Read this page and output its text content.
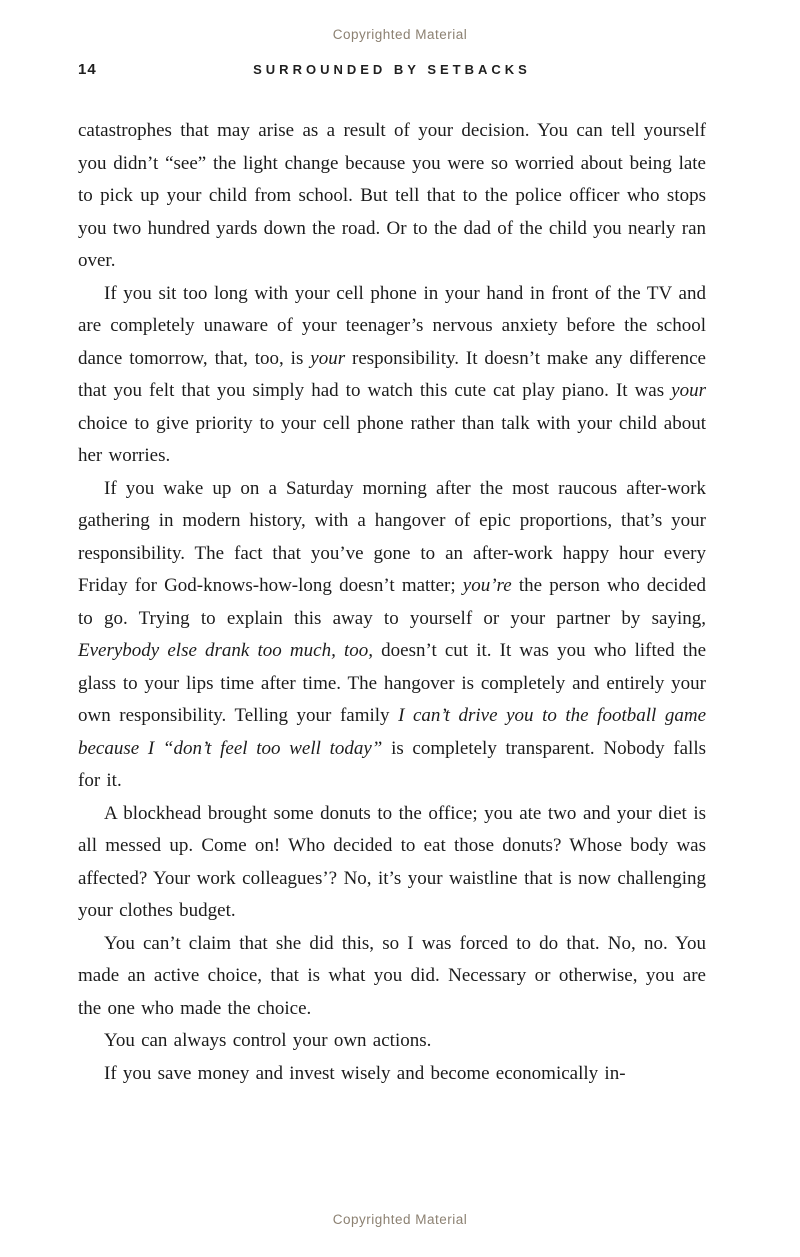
Copyrighted Material
14	SURROUNDED BY SETBACKS

catastrophes that may arise as a result of your decision. You can tell yourself you didn’t “see” the light change because you were so worried about being late to pick up your child from school. But tell that to the police officer who stops you two hundred yards down the road. Or to the dad of the child you nearly ran over.

If you sit too long with your cell phone in your hand in front of the TV and are completely unaware of your teenager’s nervous anxiety before the school dance tomorrow, that, too, is your responsibility. It doesn’t make any difference that you felt that you simply had to watch this cute cat play piano. It was your choice to give priority to your cell phone rather than talk with your child about her worries.

If you wake up on a Saturday morning after the most raucous after-work gathering in modern history, with a hangover of epic proportions, that’s your responsibility. The fact that you’ve gone to an after-work happy hour every Friday for God-knows-how-long doesn’t matter; you’re the person who decided to go. Trying to explain this away to yourself or your partner by saying, Everybody else drank too much, too, doesn’t cut it. It was you who lifted the glass to your lips time after time. The hangover is completely and entirely your own responsibility. Telling your family I can’t drive you to the football game because I “don’t feel too well today” is completely transparent. Nobody falls for it.

A blockhead brought some donuts to the office; you ate two and your diet is all messed up. Come on! Who decided to eat those donuts? Whose body was affected? Your work colleagues’? No, it’s your waistline that is now challenging your clothes budget.

You can’t claim that she did this, so I was forced to do that. No, no. You made an active choice, that is what you did. Necessary or otherwise, you are the one who made the choice.

You can always control your own actions.

If you save money and invest wisely and become economically in-

Copyrighted Material
